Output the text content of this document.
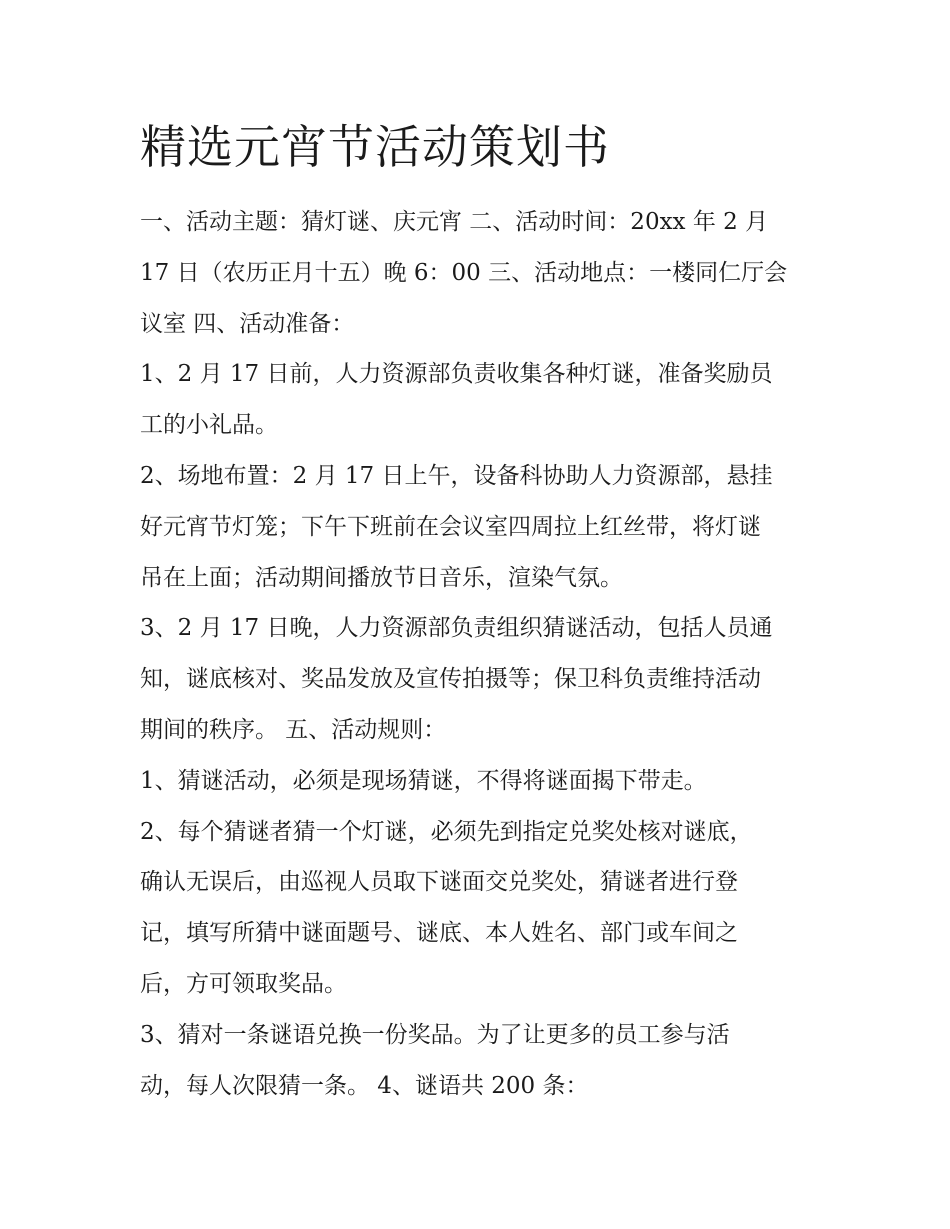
精选元宵节活动策划书

一、活动主题：猜灯谜、庆元宵 二、活动时间：20xx 年 2 月

17 日（农历正月十五）晚 6：00 三、活动地点：一楼同仁厅会

议室 四、活动准备：

1、2 月 17 日前，人力资源部负责收集各种灯谜，准备奖励员

工的小礼品。

2、场地布置：2 月 17 日上午，设备科协助人力资源部，悬挂

好元宵节灯笼；下午下班前在会议室四周拉上红丝带，将灯谜

吊在上面；活动期间播放节日音乐，渲染气氛。

3、2 月 17 日晚，人力资源部负责组织猜谜活动，包括人员通

知，谜底核对、奖品发放及宣传拍摄等；保卫科负责维持活动

期间的秩序。 五、活动规则：

1、猜谜活动，必须是现场猜谜，不得将谜面揭下带走。

2、每个猜谜者猜一个灯谜，必须先到指定兑奖处核对谜底，

确认无误后，由巡视人员取下谜面交兑奖处，猜谜者进行登

记，填写所猜中谜面题号、谜底、本人姓名、部门或车间之

后，方可领取奖品。

3、猜对一条谜语兑换一份奖品。为了让更多的员工参与活

动，每人次限猜一条。 4、谜语共 200 条：
